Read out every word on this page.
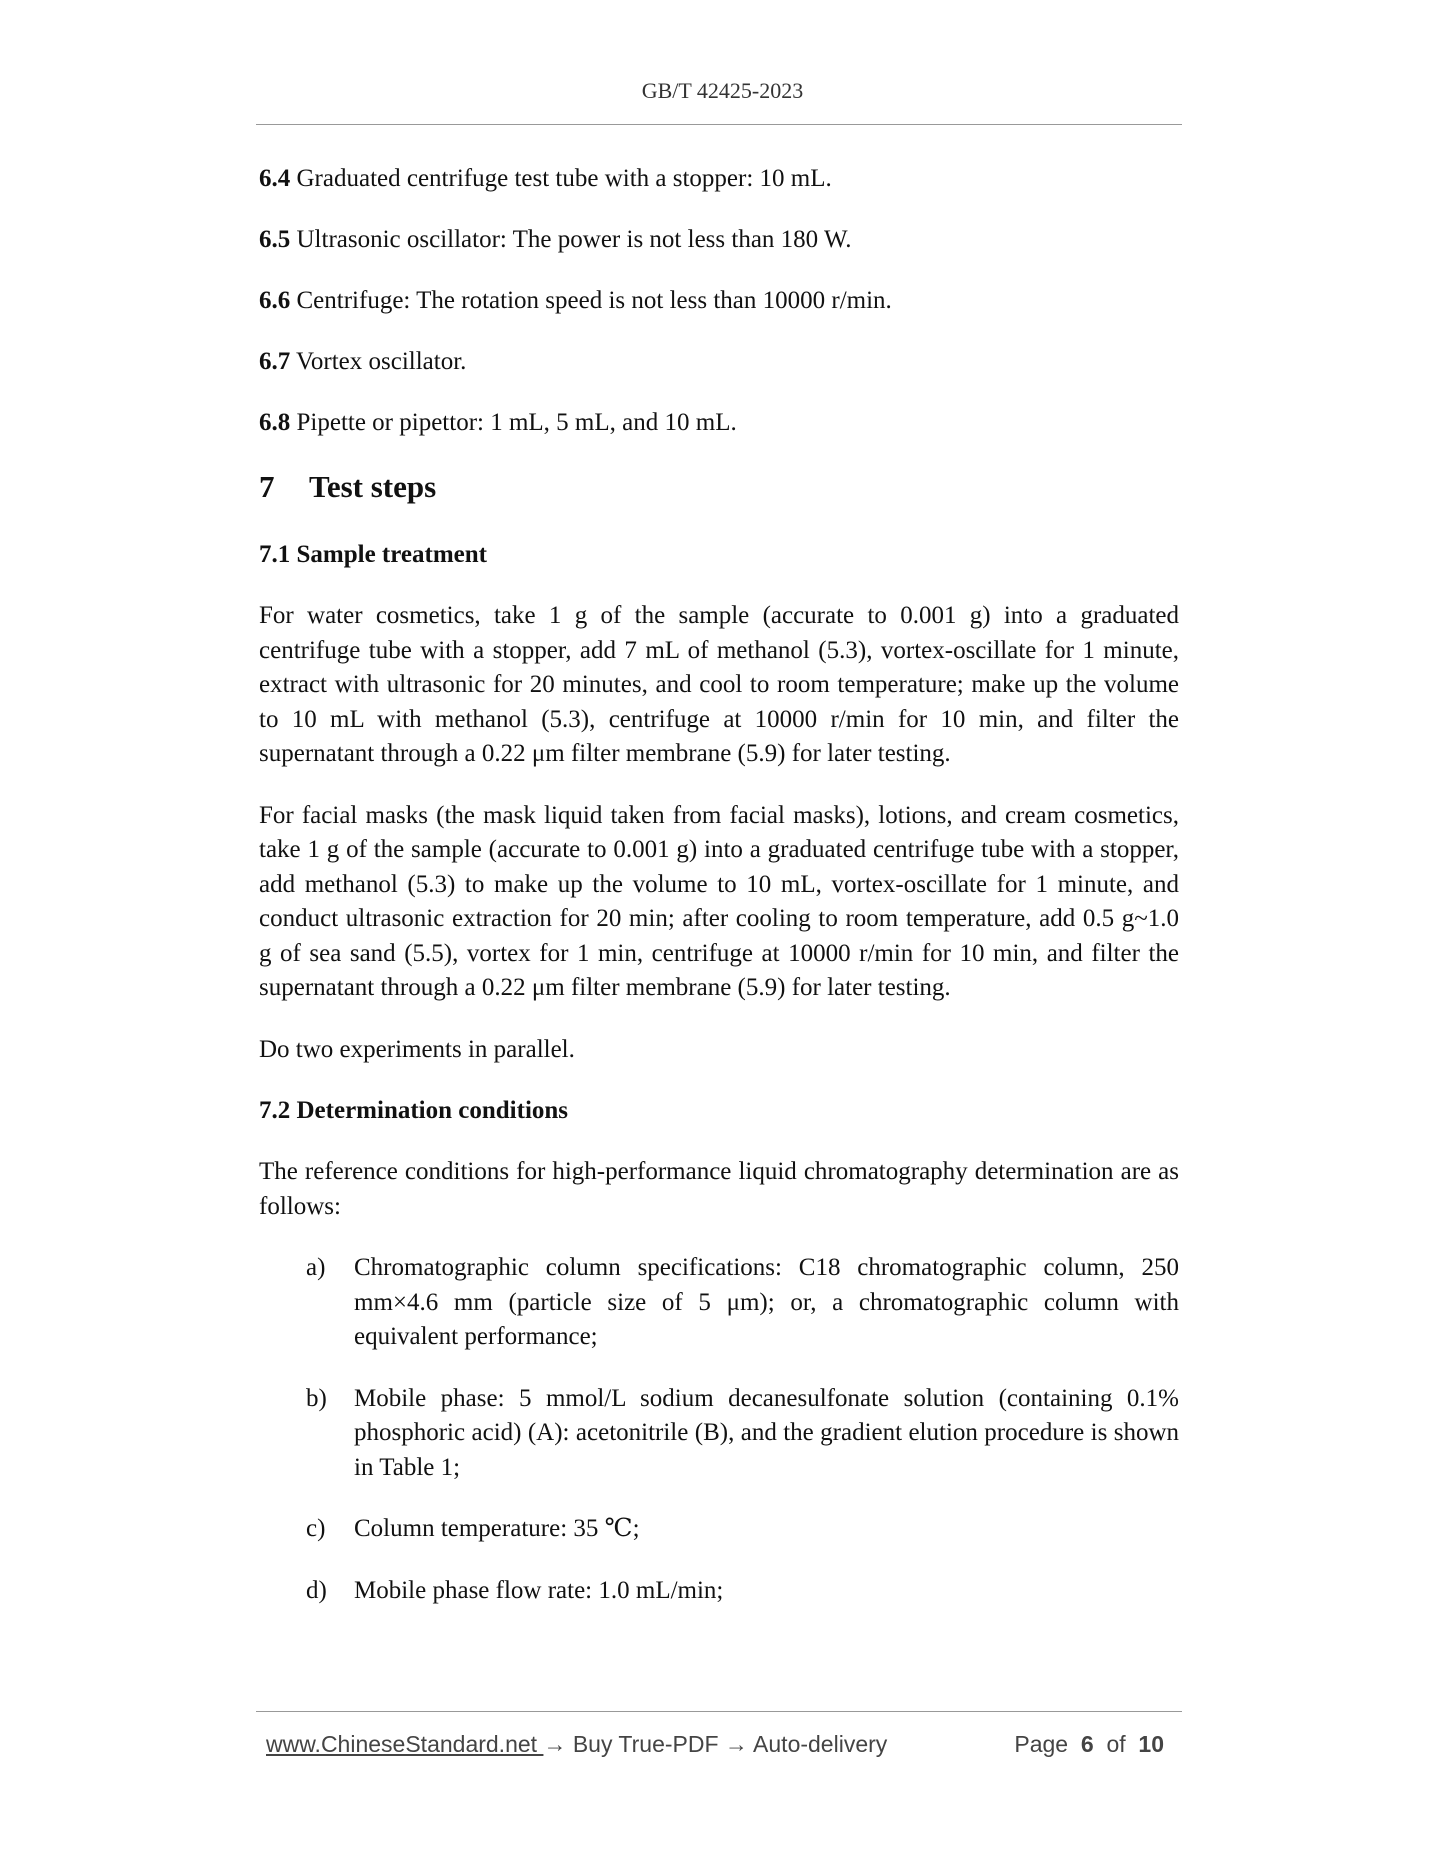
GB/T 42425-2023

6.4 Graduated centrifuge test tube with a stopper: 10 mL.

6.5 Ultrasonic oscillator: The power is not less than 180 W.

6.6 Centrifuge: The rotation speed is not less than 10000 r/min.

6.7 Vortex oscillator.

6.8 Pipette or pipettor: 1 mL, 5 mL, and 10 mL.

7 Test steps
7.1 Sample treatment

For water cosmetics, take 1 g of the sample (accurate to 0.001 g) into a graduated centrifuge tube with a stopper, add 7 mL of methanol (5.3), vortex-oscillate for 1 minute, extract with ultrasonic for 20 minutes, and cool to room temperature; make up the volume to 10 mL with methanol (5.3), centrifuge at 10000 r/min for 10 min, and filter the supernatant through a 0.22 μm filter membrane (5.9) for later testing.

For facial masks (the mask liquid taken from facial masks), lotions, and cream cosmetics, take 1 g of the sample (accurate to 0.001 g) into a graduated centrifuge tube with a stopper, add methanol (5.3) to make up the volume to 10 mL, vortex-oscillate for 1 minute, and conduct ultrasonic extraction for 20 min; after cooling to room temperature, add 0.5 g~1.0 g of sea sand (5.5), vortex for 1 min, centrifuge at 10000 r/min for 10 min, and filter the supernatant through a 0.22 μm filter membrane (5.9) for later testing.

Do two experiments in parallel.

7.2 Determination conditions

The reference conditions for high-performance liquid chromatography determination are as follows:

a)	Chromatographic column specifications: C18 chromatographic column, 250 mm×4.6 mm (particle size of 5 μm); or, a chromatographic column with equivalent performance;
b)	Mobile phase: 5 mmol/L sodium decanesulfonate solution (containing 0.1% phosphoric acid) (A): acetonitrile (B), and the gradient elution procedure is shown in Table 1;
c)	Column temperature: 35 ℃;
d)	Mobile phase flow rate: 1.0 mL/min;
www.ChineseStandard.net → Buy True-PDF → Auto-delivery	Page 6 of 10
